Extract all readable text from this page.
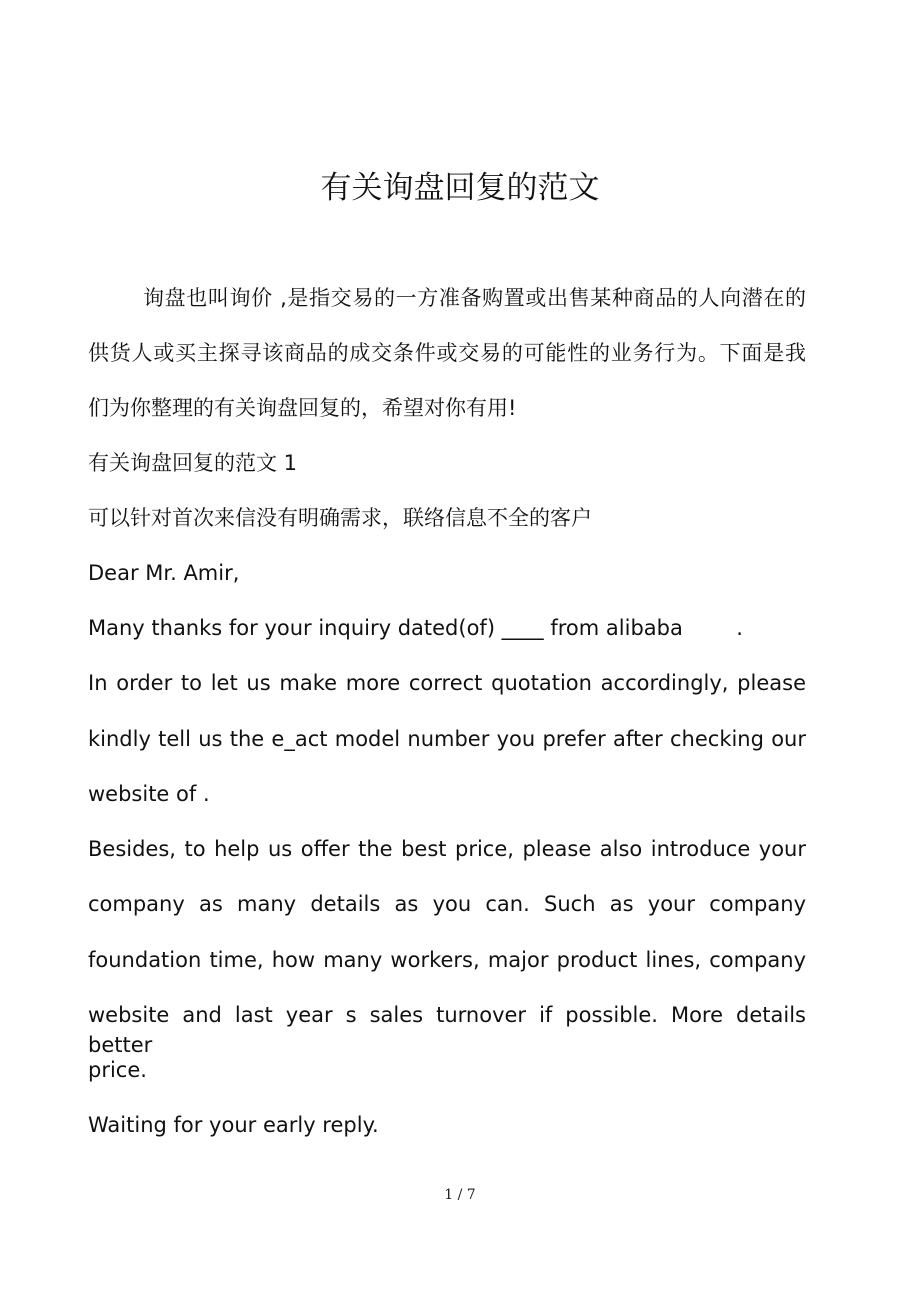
有关询盘回复的范文
询盘也叫询价 ,是指交易的一方准备购置或出售某种商品的人向潜在的
供货人或买主探寻该商品的成交条件或交易的可能性的业务行为。下面是我
们为你整理的有关询盘回复的，希望对你有用!
有关询盘回复的范文 1
可以针对首次来信没有明确需求，联络信息不全的客户
Dear Mr. Amir,
Many thanks for your inquiry dated(of) ____ from alibaba        .
In order to let us make more correct quotation accordingly, please
kindly tell us the e_act model number you prefer after checking our
website of .
Besides, to help us offer the best price, please also introduce your
company as many details as you can. Such as your company
foundation time, how many workers, major product lines, company
website and last year s sales turnover if possible. More details better
price.
Waiting for your early reply.
1 / 7
